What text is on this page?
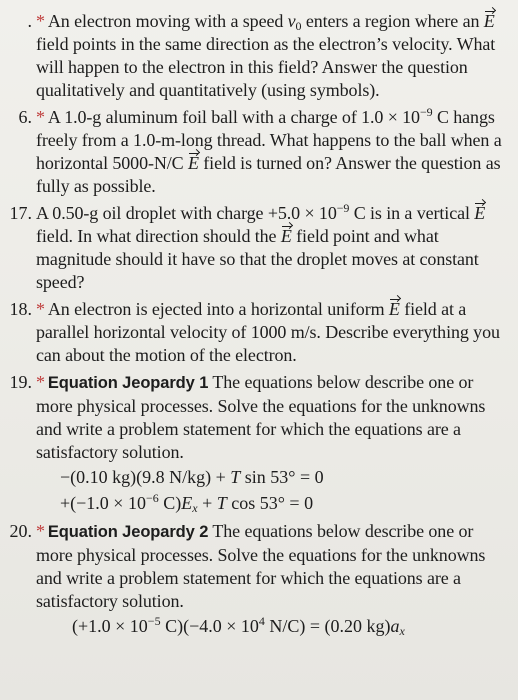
. * An electron moving with a speed $v_0$ enters a region where an E field points in the same direction as the electron’s velocity. What will happen to the electron in this field? Answer the question qualitatively and quantitatively (using symbols).
6. * A 1.0-g aluminum foil ball with a charge of $1.0 \times 10^{-9}$ C hangs freely from a 1.0-m-long thread. What happens to the ball when a horizontal 5000-N/C E field is turned on? Answer the question as fully as possible.
17. A 0.50-g oil droplet with charge $+5.0 \times 10^{-9}$ C is in a vertical E field. In what direction should the E field point and what magnitude should it have so that the droplet moves at constant speed?
18. * An electron is ejected into a horizontal uniform E field at a parallel horizontal velocity of 1000 m/s. Describe everything you can about the motion of the electron.
19. * Equation Jeopardy 1 The equations below describe one or more physical processes. Solve the equations for the unknowns and write a problem statement for which the equations are a satisfactory solution.
−(0.10 kg)(9.8 N/kg) + T sin 53° = 0
$+(-1.0 \times 10^{-6}$ $C)E_x + T$ cos 53° = 0
20. * Equation Jeopardy 2 The equations below describe one or more physical processes. Solve the equations for the unknowns and write a problem statement for which the equations are a satisfactory solution.
($+1.0 \times 10^{-5}$ $C)(-4.0 \times 10^4$ N/C) = (0.20 $kg)a_x$
